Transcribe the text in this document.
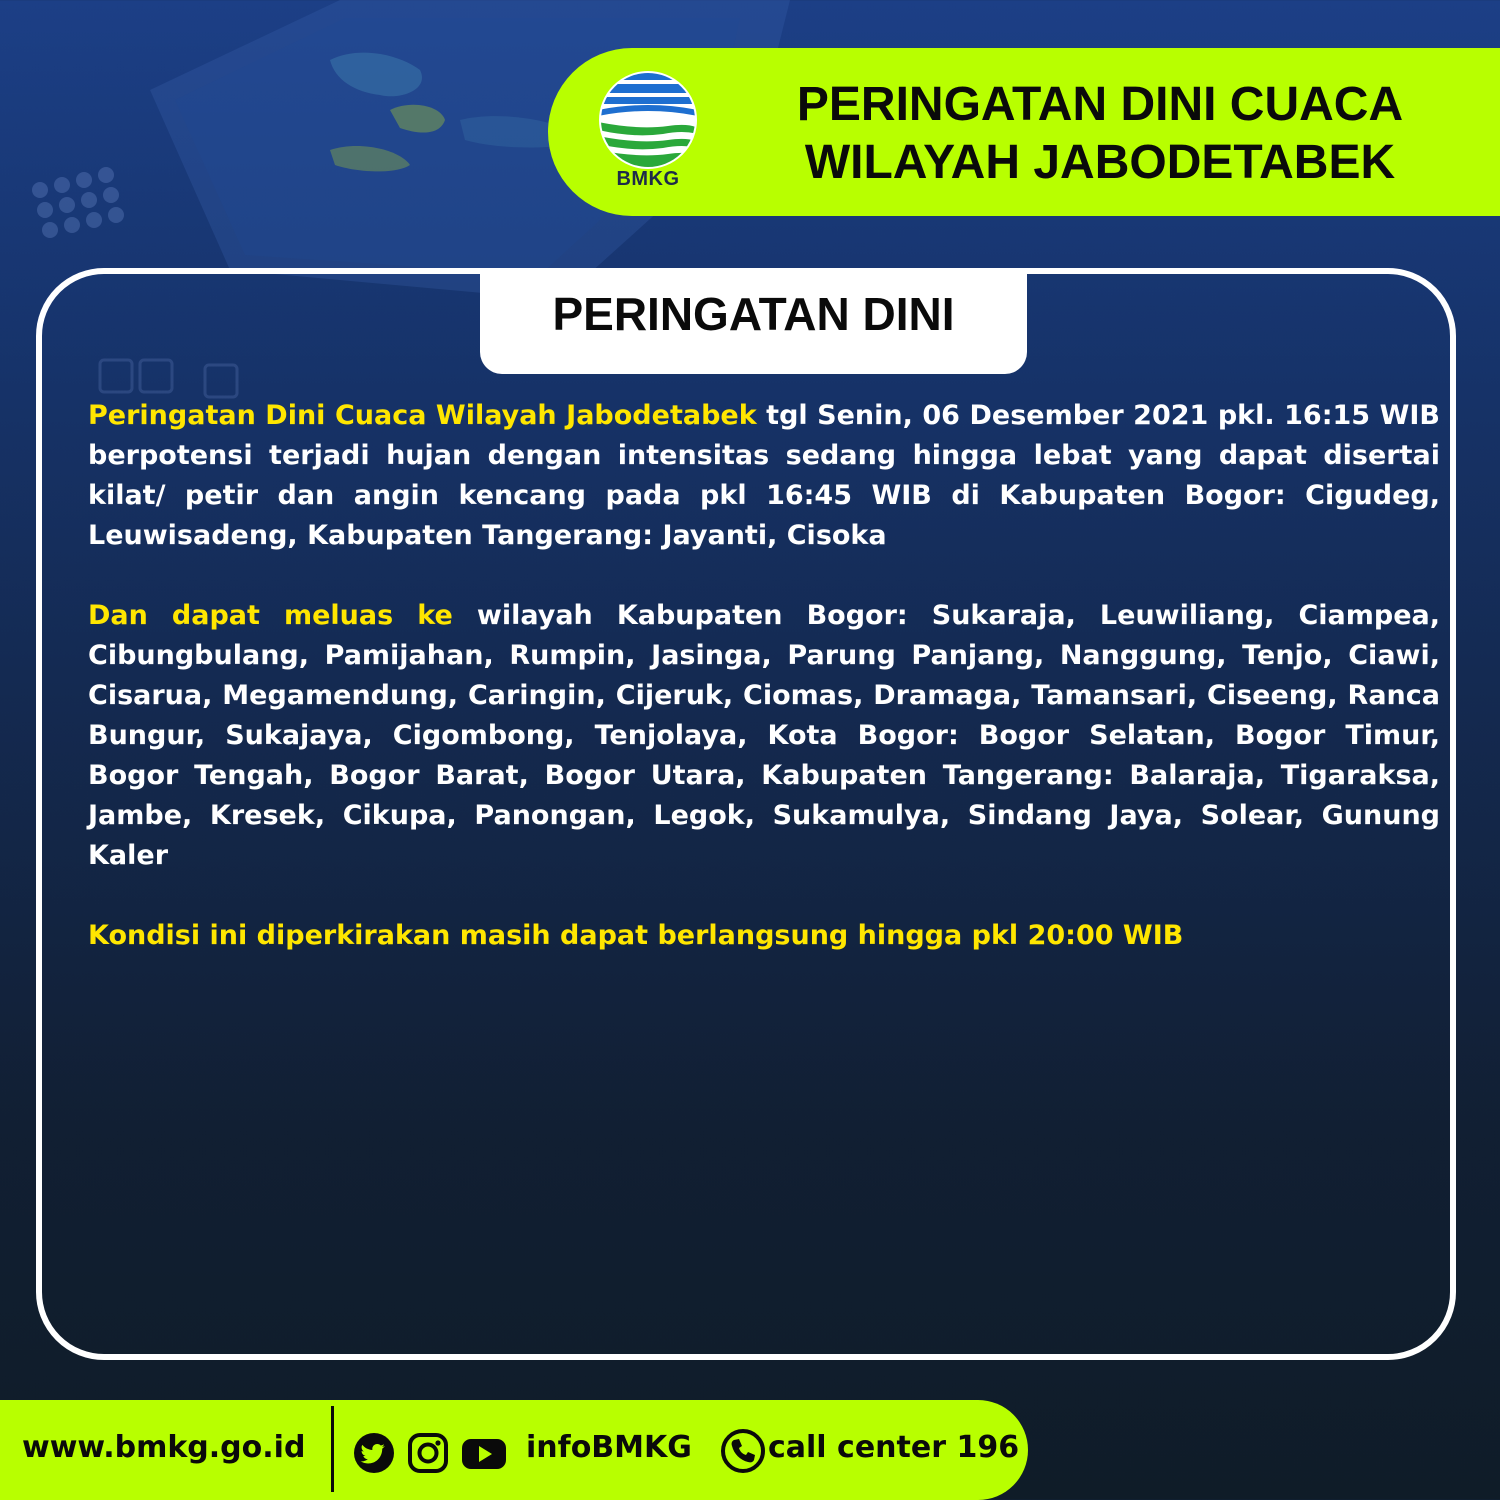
BMKG
PERINGATAN DINI CUACA
WILAYAH JABODETABEK
PERINGATAN DINI

Peringatan Dini Cuaca Wilayah Jabodetabek tgl Senin, 06 Desember 2021 pkl. 16:15 WIB berpotensi terjadi hujan dengan intensitas sedang hingga lebat yang dapat disertai kilat/ petir dan angin kencang pada pkl 16:45 WIB di Kabupaten Bogor: Cigudeg, Leuwisadeng, Kabupaten Tangerang: Jayanti, Cisoka

Dan dapat meluas ke wilayah Kabupaten Bogor: Sukaraja, Leuwiliang, Ciampea, Cibungbulang, Pamijahan, Rumpin, Jasinga, Parung Panjang, Nanggung, Tenjo, Ciawi, Cisarua, Megamendung, Caringin, Cijeruk, Ciomas, Dramaga, Tamansari, Ciseeng, Ranca Bungur, Sukajaya, Cigombong, Tenjolaya, Kota Bogor: Bogor Selatan, Bogor Timur, Bogor Tengah, Bogor Barat, Bogor Utara, Kabupaten Tangerang: Balaraja, Tigaraksa, Jambe, Kresek, Cikupa, Panongan, Legok, Sukamulya, Sindang Jaya, Solear, Gunung Kaler

Kondisi ini diperkirakan masih dapat berlangsung hingga pkl 20:00 WIB

www.bmkg.go.id	infoBMKG	call center 196
